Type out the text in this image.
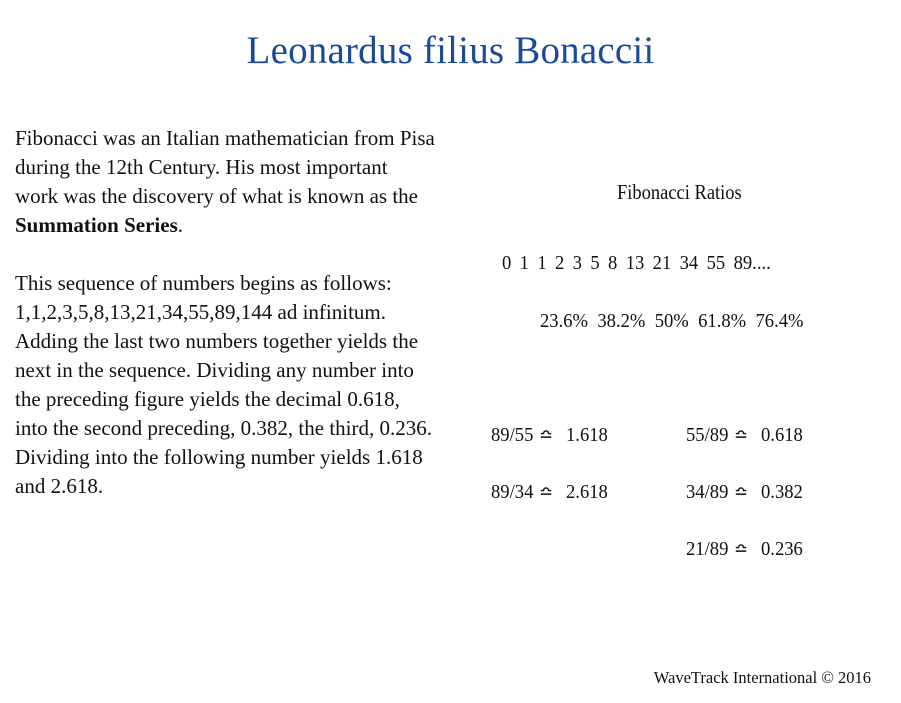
Leonardus filius Bonaccii

Fibonacci was an Italian mathematician from Pisa during the 12th Century. His most important work was the discovery of what is known as the Summation Series.

This sequence of numbers begins as follows: 1,1,2,3,5,8,13,21,34,55,89,144 ad infinitum. Adding the last two numbers together yields the next in the sequence. Dividing any number into the preceding figure yields the decimal 0.618, into the second preceding, 0.382, the third, 0.236. Dividing into the following number yields 1.618 and 2.618.

Fibonacci Ratios
0 1 1 2 3 5 8 13 21 34 55 89....
23.6% 38.2% 50% 61.8% 76.4%
89/55 ≏ 1.618
89/34 ≏ 2.618
55/89 ≏ 0.618
34/89 ≏ 0.382
21/89 ≏ 0.236
WaveTrack International © 2016
